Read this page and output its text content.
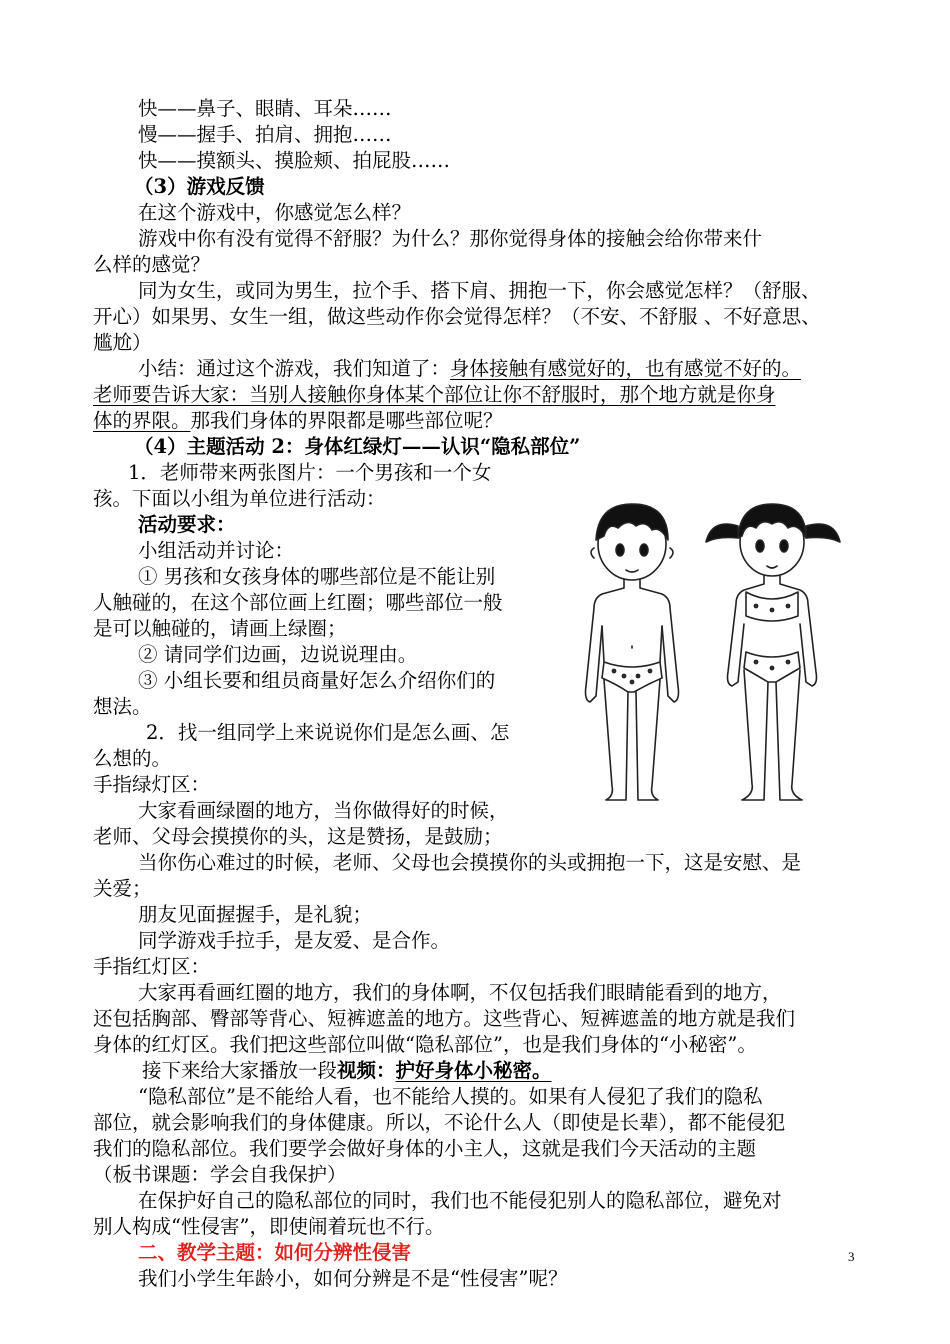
快——鼻子、眼睛、耳朵……
慢——握手、拍肩、拥抱……
快——摸额头、摸脸颊、拍屁股……
（3）游戏反馈
在这个游戏中，你感觉怎么样？
游戏中你有没有觉得不舒服？为什么？那你觉得身体的接触会给你带来什
么样的感觉？
同为女生，或同为男生，拉个手、搭下肩、拥抱一下，你会感觉怎样？（舒服、
开心）如果男、女生一组，做这些动作你会觉得怎样？（不安、不舒服 、不好意思、
尴尬）
小结：通过这个游戏，我们知道了：身体接触有感觉好的，也有感觉不好的。
老师要告诉大家：当别人接触你身体某个部位让你不舒服时，那个地方就是你身
体的界限。那我们身体的界限都是哪些部位呢？
（4）主题活动 2：身体红绿灯——认识“隐私部位”
1．老师带来两张图片：一个男孩和一个女
孩。下面以小组为单位进行活动：
活动要求：
小组活动并讨论：
① 男孩和女孩身体的哪些部位是不能让别
人触碰的，在这个部位画上红圈；哪些部位一般
是可以触碰的，请画上绿圈；
② 请同学们边画，边说说理由。
③ 小组长要和组员商量好怎么介绍你们的
想法。
2．找一组同学上来说说你们是怎么画、怎
么想的。
手指绿灯区：
大家看画绿圈的地方，当你做得好的时候，
老师、父母会摸摸你的头，这是赞扬，是鼓励；
当你伤心难过的时候，老师、父母也会摸摸你的头或拥抱一下，这是安慰、是
关爱；
朋友见面握握手，是礼貌；
同学游戏手拉手，是友爱、是合作。
手指红灯区：
大家再看画红圈的地方，我们的身体啊，不仅包括我们眼睛能看到的地方，
还包括胸部、臀部等背心、短裤遮盖的地方。这些背心、短裤遮盖的地方就是我们
身体的红灯区。我们把这些部位叫做“隐私部位”，也是我们身体的“小秘密”。
接下来给大家播放一段视频：护好身体小秘密。
“隐私部位”是不能给人看，也不能给人摸的。如果有人侵犯了我们的隐私
部位，就会影响我们的身体健康。所以，不论什么人（即使是长辈），都不能侵犯
我们的隐私部位。我们要学会做好身体的小主人，这就是我们今天活动的主题
（板书课题：学会自我保护）
在保护好自己的隐私部位的同时，我们也不能侵犯别人的隐私部位，避免对
别人构成“性侵害”，即使闹着玩也不行。
二、教学主题：如何分辨性侵害
我们小学生年龄小，如何分辨是不是“性侵害”呢？
3
